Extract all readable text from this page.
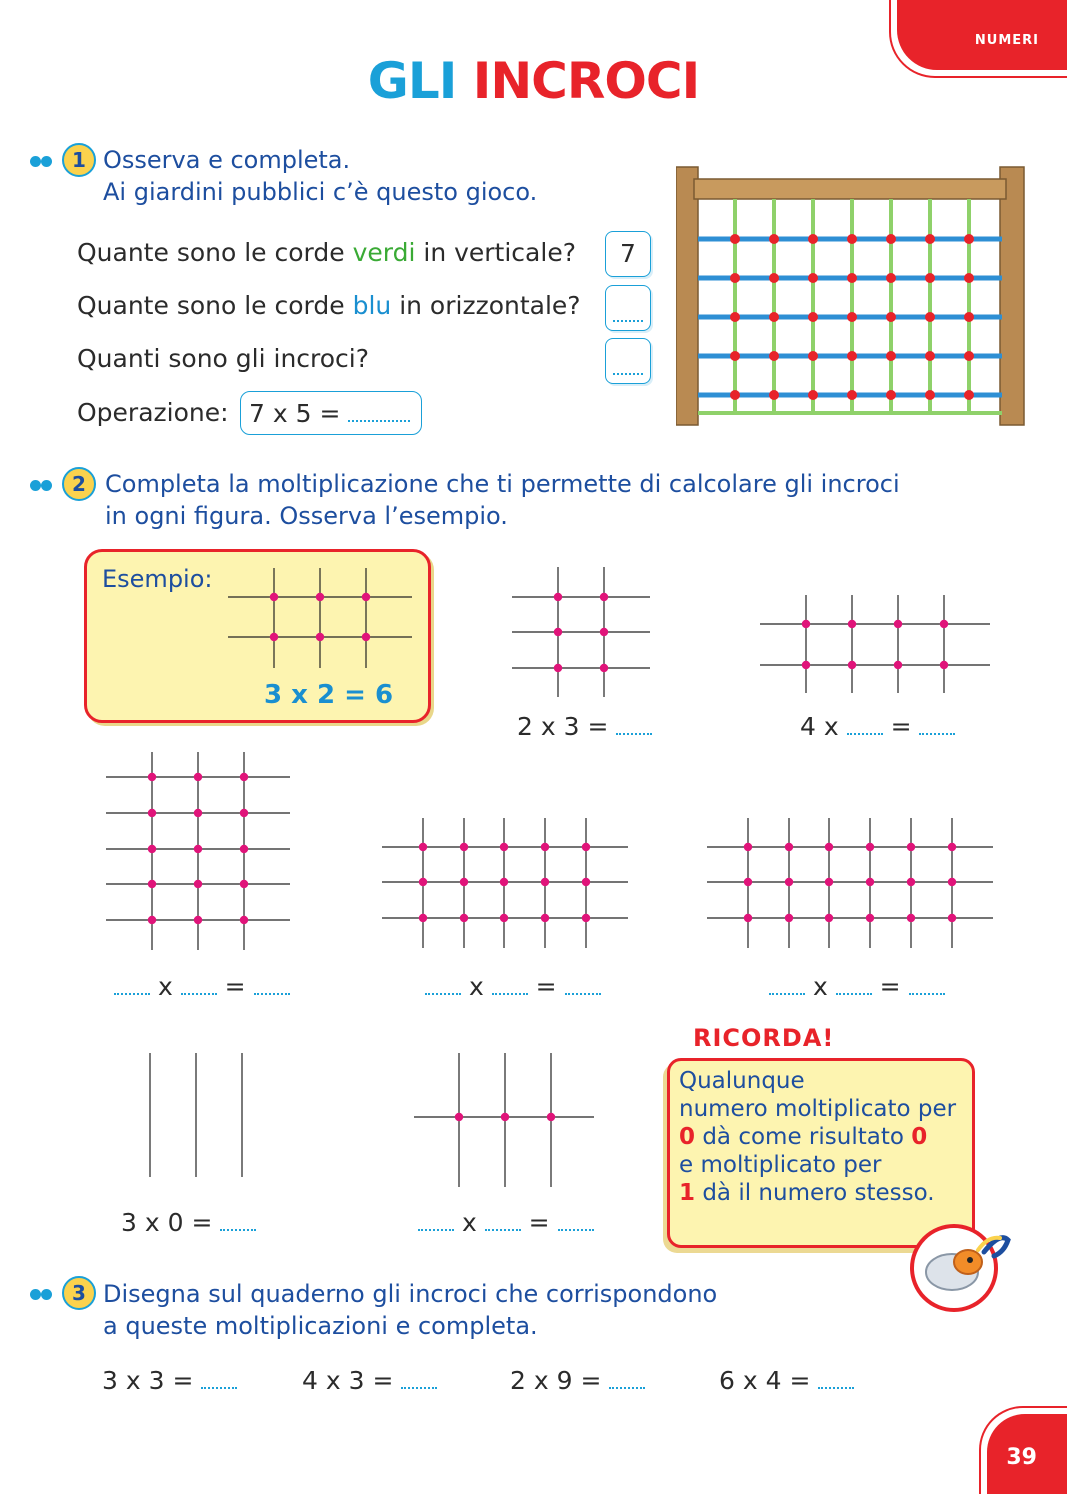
NUMERI
GLI INCROCI
1 Osserva e completa.
Ai giardini pubblici c’è questo gioco.
Quante sono le corde verdi in verticale?	7
Quante sono le corde blu in orizzontale?
Quanti sono gli incroci?
Operazione: 7 x 5 =
2 Completa la moltiplicazione che ti permette di calcolare gli incroci
in ogni figura. Osserva l’esempio.
Esempio:
3 x 2 = 6
2 x 3 =	4 x =
x =	x =	x =
3 x 0 =	x =
RICORDA!
Qualunque
numero moltiplicato per
0 dà come risultato 0
e moltiplicato per
1 dà il numero stesso.
3 Disegna sul quaderno gli incroci che corrispondono
a queste moltiplicazioni e completa.
3 x 3 =	4 x 3 =	2 x 9 =	6 x 4 =
39
